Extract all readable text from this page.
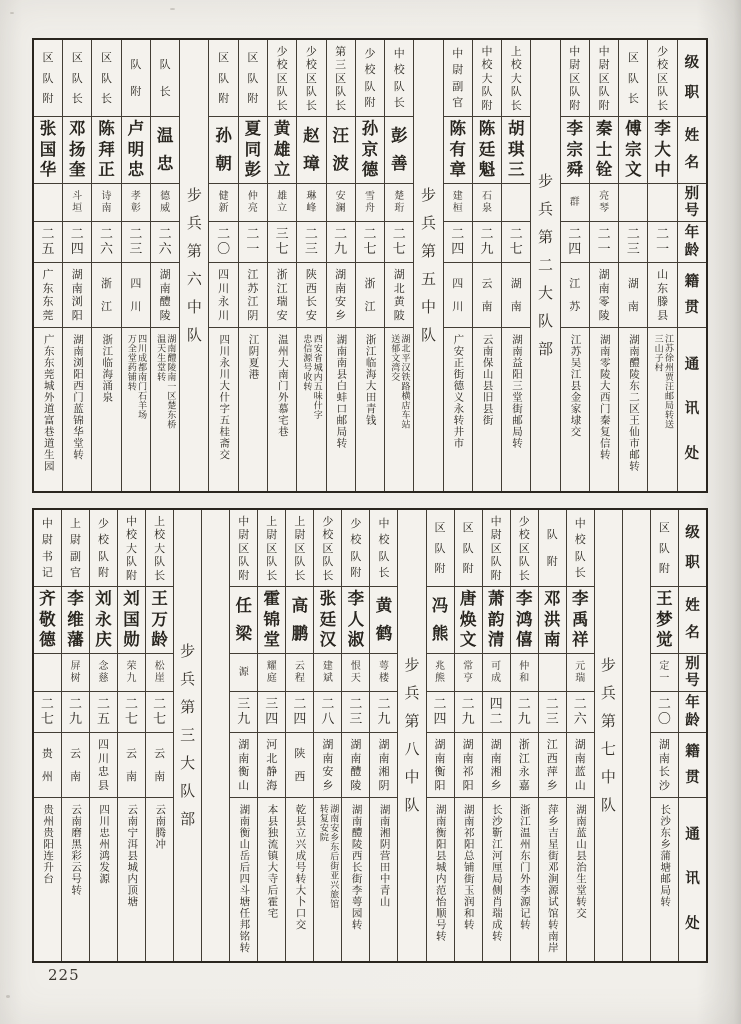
级
职
姓
名
别
号
年
龄
籍
贯
通
讯
处
少
校
区
队
长
李
大
中
二
一
山
东
滕
县
江苏徐州贾汪邮局转送
三山子村
区
队
长
傅
宗
文
二
三
湖
南
湖南醴陵东二区王仙市邮转
中
尉
区
队
附
秦
士
铨
亮
琴
二
一
湖
南
零
陵
湖南零陵大西门秦复信转
中
尉
区
队
附
李
宗
舜
群
二
四
江
苏
江苏吴江县金家埭交
步
兵
第
二
大
队
部
上
校
大
队
长
胡
琪
三
二
七
湖
南
湖南益阳三堂街邮局转
中
校
大
队
附
陈
廷
魁
石
泉
二
九
云
南
云南保山县旧县街
中
尉
副
官
陈
有
章
建
桓
二
四
四
川
广安正街德义永转井市
步
兵
第
五
中
队
中
校
队
长
彭
善
楚
珩
二
七
湖
北
黄
陂
湖北平汉铁路横店车站
送郁文湾交
少
校
队
附
孙
京
德
雪
舟
二
七
浙
江
浙江临海大田青钱
第
三
区
队
长
汪
波
安
澜
二
九
湖
南
安
乡
湖南南县白蚌口邮局转
少
校
区
队
长
赵
璋
琳
峰
二
三
陕
西
长
安
西安省城内五味什字
忠信源号收转
少
校
区
队
长
黄
雄
立
雄
立
三
七
浙
江
瑞
安
温州大南门外慕宅巷
区
队
附
夏
同
彭
仲
亮
二
一
江
苏
江
阴
江阴夏港
区
队
附
孙
朝
健
新
二
〇
四
川
永
川
四川永川大什字五桂斋交
步
兵
第
六
中
队
队
长
温
忠
德
威
二
六
湖
南
醴
陵
湖南醴陵南一区楚东桥
温天生堂转
队
附
卢
明
忠
孝
彰
二
三
四
川
四川成都南门石羊场
万全堂药铺转
区
队
长
陈
拜
正
诗
南
二
六
浙
江
浙江临海涌泉
区
队
长
邓
扬
奎
斗
垣
二
四
湖
南
浏
阳
湖南浏阳西门蓝锦华堂转
区
队
附
张
国
华
二
五
广
东
东
莞
广东东莞城外道富巷道生园
级
职
姓
名
别
号
年
龄
籍
贯
通
讯
处
区
队
附
王
梦
觉
定
一
二
〇
湖
南
长
沙
长沙东乡蒲塘邮局转
步
兵
第
七
中
队
中
校
队
长
李
禹
祥
元
瑞
二
六
湖
南
蓝
山
湖南蓝山县治生堂转交
队
附
邓
洪
南
二
三
江
西
萍
乡
萍乡吉星街邓涧源试馆转南岸
少
校
区
队
长
李
鸿
僖
仲
和
二
九
浙
江
永
嘉
浙江温州东门外李源记转
中
尉
区
队
附
萧
韵
清
可
成
四
二
湖
南
湘
乡
长沙靳江河厘局侧肖瑞成转
区
队
附
唐
焕
文
常
亨
二
九
湖
南
祁
阳
湖南祁阳总铺街玉润和转
区
队
附
冯
熊
兆
熊
二
四
湖
南
衡
阳
湖南衡阳县城内范怡顺号转
步
兵
第
八
中
队
中
校
队
长
黄
鹤
萼
楼
二
九
湖
南
湘
阴
湖南湘阴营田中青山
少
校
队
附
李
人
淑
恨
天
二
三
湖
南
醴
陵
湖南醴陵西长街李萼园转
少
校
区
队
长
张
廷
汉
建
斌
二
八
湖
南
安
乡
湖南安乡东后街亚兴旅馆
转复安院
上
尉
区
队
长
高
鹏
云
程
二
四
陕
西
乾县立兴成号转大卜口交
上
尉
区
队
长
霍
锦
堂
耀
庭
三
四
河
北
静
海
本县独流镇大寺后霍宅
中
尉
区
队
附
任
梁
源
三
九
湖
南
衡
山
湖南衡山岳后四斗塘任邦铭转
步
兵
第
三
大
队
部
上
校
大
队
长
王
万
龄
松
崖
二
七
云
南
云南腾冲
中
校
大
队
附
刘
国
勋
荣
九
二
七
云
南
云南宁洱县城内顶塘
少
校
队
附
刘
永
庆
念
慈
二
五
四
川
忠
县
四川忠州鸿发源
上
尉
副
官
李
维
藩
屏
树
二
九
云
南
云南磨黑彩云号转
中
尉
书
记
齐
敬
德
二
七
贵
州
贵州贵阳连升台
225
